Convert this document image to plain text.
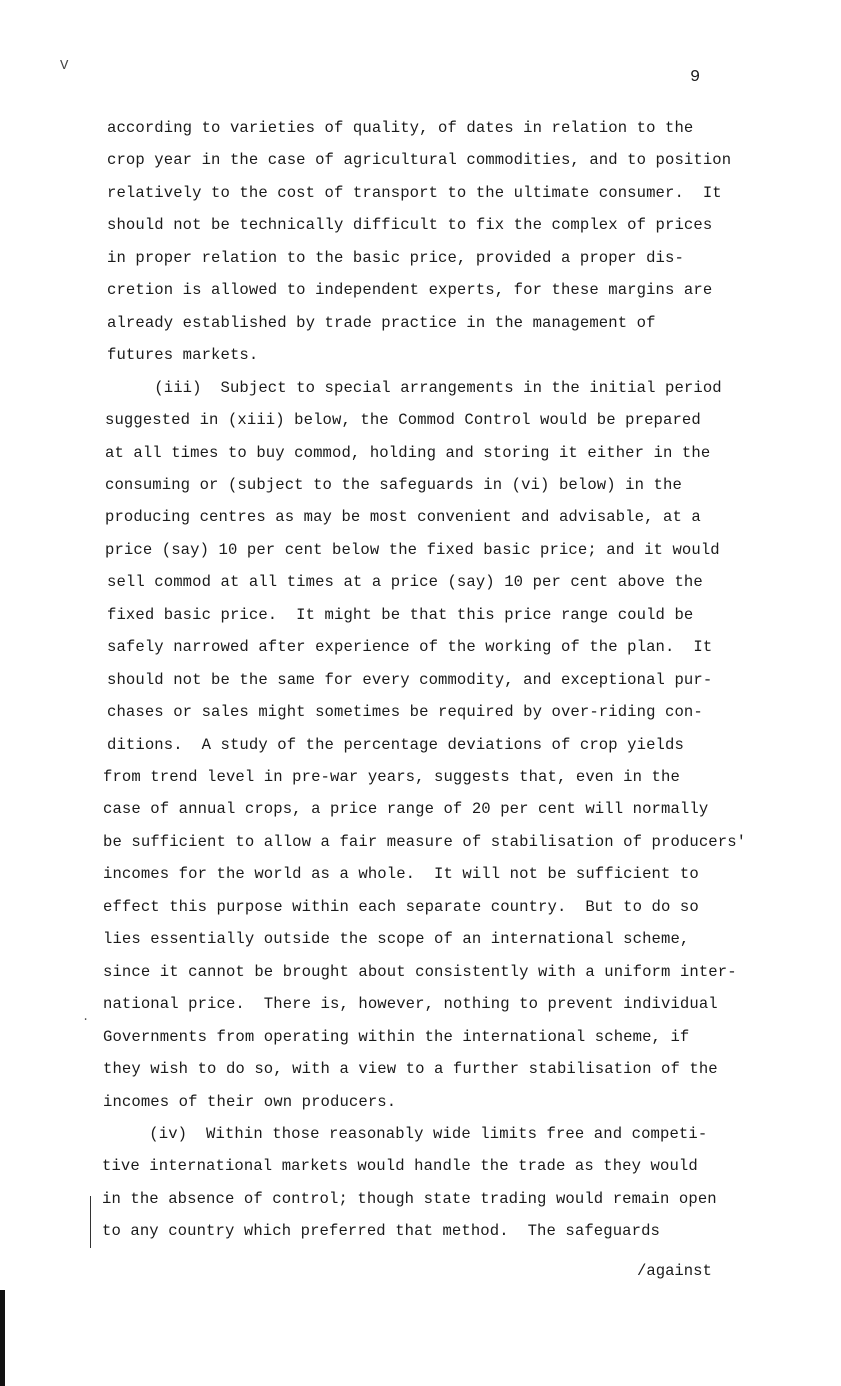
V
9
according to varieties of quality, of dates in relation to the
crop year in the case of agricultural commodities, and to position
relatively to the cost of transport to the ultimate consumer.  It
should not be technically difficult to fix the complex of prices
in proper relation to the basic price, provided a proper dis-
cretion is allowed to independent experts, for these margins are
already established by trade practice in the management of
futures markets.
(iii)  Subject to special arrangements in the initial period
suggested in (xiii) below, the Commod Control would be prepared
at all times to buy commod, holding and storing it either in the
consuming or (subject to the safeguards in (vi) below) in the
producing centres as may be most convenient and advisable, at a
price (say) 10 per cent below the fixed basic price; and it would
sell commod at all times at a price (say) 10 per cent above the
fixed basic price.  It might be that this price range could be
safely narrowed after experience of the working of the plan.  It
should not be the same for every commodity, and exceptional pur-
chases or sales might sometimes be required by over-riding con-
ditions.  A study of the percentage deviations of crop yields
from trend level in pre-war years, suggests that, even in the
case of annual crops, a price range of 20 per cent will normally
be sufficient to allow a fair measure of stabilisation of producers'
incomes for the world as a whole.  It will not be sufficient to
effect this purpose within each separate country.  But to do so
lies essentially outside the scope of an international scheme,
since it cannot be brought about consistently with a uniform inter-
national price.  There is, however, nothing to prevent individual
Governments from operating within the international scheme, if
they wish to do so, with a view to a further stabilisation of the
incomes of their own producers.
(iv)  Within those reasonably wide limits free and competi-
tive international markets would handle the trade as they would
in the absence of control; though state trading would remain open
to any country which preferred that method.  The safeguards
.
/against
